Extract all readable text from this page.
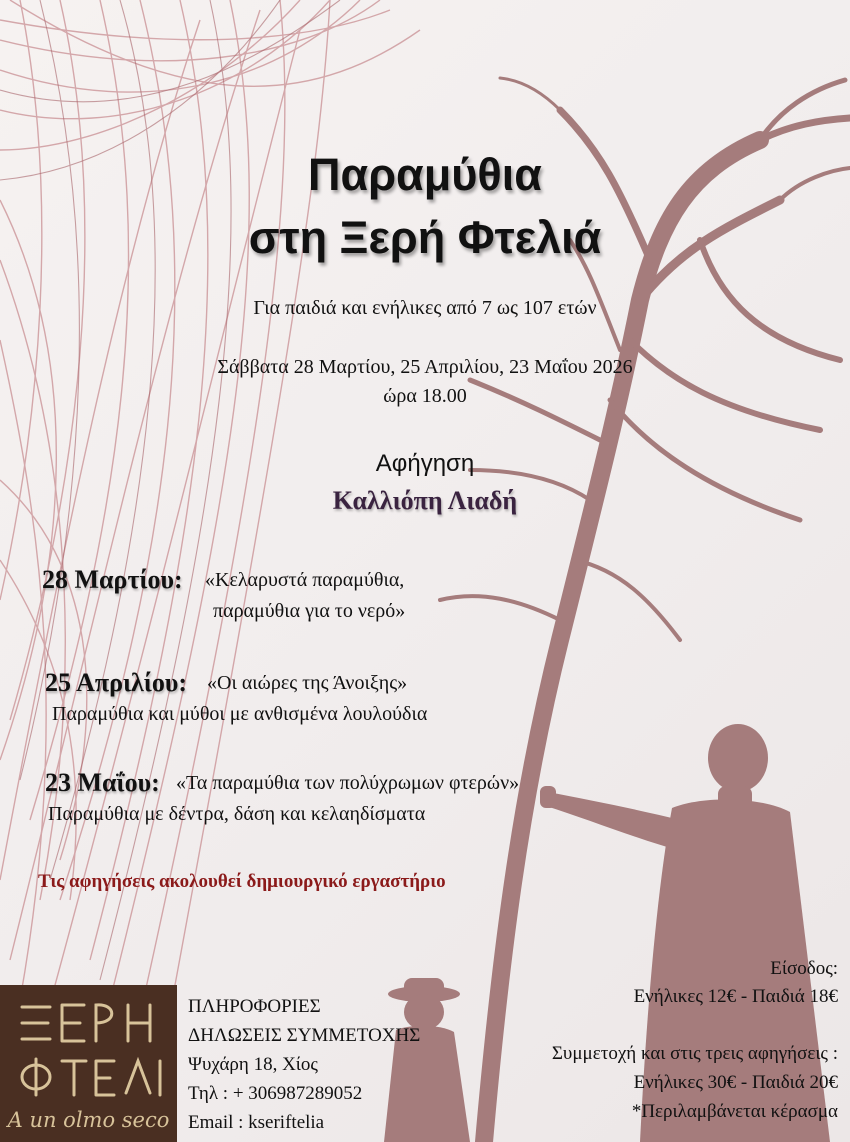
Παραμύθια
στη Ξερή Φτελιά
Για παιδιά και ενήλικες από 7 ως 107 ετών
Σάββατα 28 Μαρτίου, 25 Απριλίου, 23 Μαΐου 2026
ώρα 18.00
Αφήγηση
Καλλιόπη Λιαδή
28 Μαρτίου: «Κελαρυστά παραμύθια,
παραμύθια για το νερό»
25 Απριλίου: «Οι αιώρες της Άνοιξης»
Παραμύθια και μύθοι με ανθισμένα λουλούδια
23 Μαΐου: «Τα παραμύθια των πολύχρωμων φτερών»
Παραμύθια με δέντρα, δάση και κελαηδίσματα
Τις αφηγήσεις ακολουθεί δημιουργικό εργαστήριο
A un olmo seco
ΠΛΗΡΟΦΟΡΙΕΣ
ΔΗΛΩΣΕΙΣ ΣΥΜΜΕΤΟΧΗΣ
Ψυχάρη 18, Χίος
Τηλ : + 306987289052
Email : kseriftelia
Είσοδος:
Ενήλικες 12€ - Παιδιά 18€
Συμμετοχή και στις τρεις αφηγήσεις :
Ενήλικες 30€ - Παιδιά 20€
*Περιλαμβάνεται κέρασμα
